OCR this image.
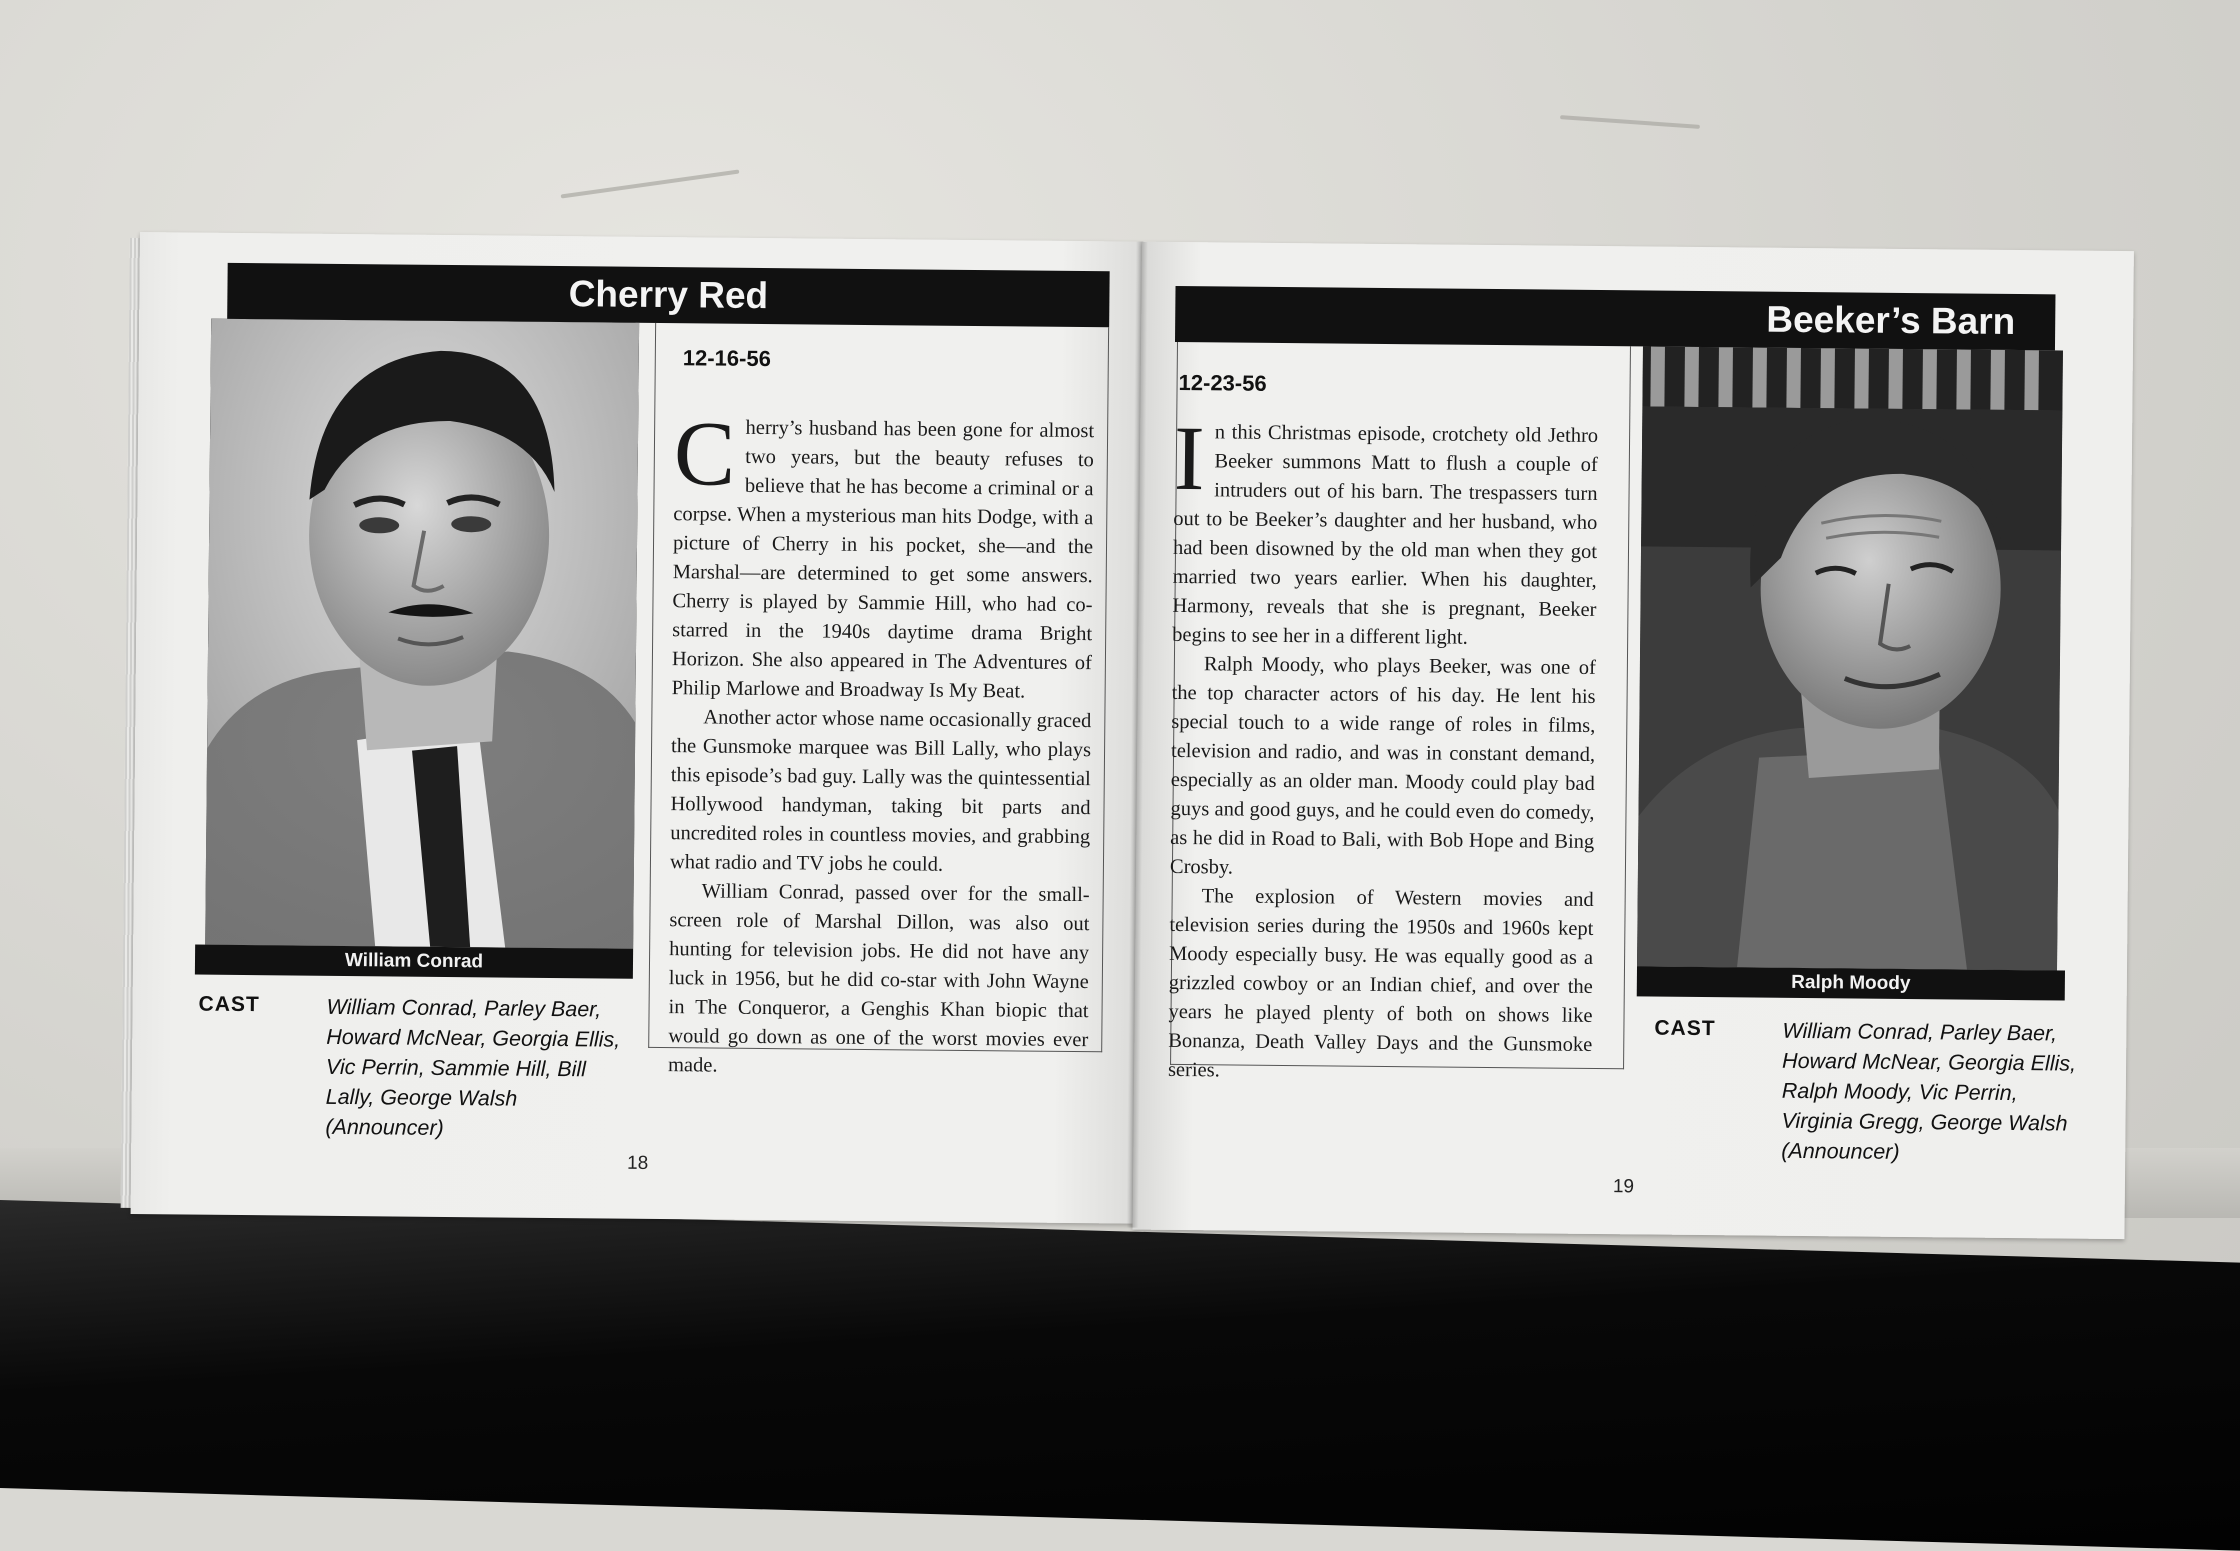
Cherry Red
William Conrad
12-16-56

Cherry’s husband has been gone for almost two years, but the beauty refuses to believe that he has become a criminal or a corpse. When a mysterious man hits Dodge, with a picture of Cherry in his pocket, she—and the Marshal—are determined to get some answers. Cherry is played by Sammie Hill, who had co-starred in the 1940s daytime drama Bright Horizon. She also appeared in The Adventures of Philip Marlowe and Broadway Is My Beat.

Another actor whose name occasionally graced the Gunsmoke marquee was Bill Lally, who plays this episode’s bad guy. Lally was the quintessential Hollywood handyman, taking bit parts and uncredited roles in countless movies, and grabbing what radio and TV jobs he could.

William Conrad, passed over for the small-screen role of Marshal Dillon, was also out hunting for television jobs. He did not have any luck in 1956, but he did co-star with John Wayne in The Conqueror, a Genghis Khan biopic that would go down as one of the worst movies ever made.

CAST	William Conrad, Parley Baer, Howard McNear, Georgia Ellis, Vic Perrin, Sammie Hill, Bill Lally, George Walsh (Announcer)
18
Beeker’s Barn
12-23-56

In this Christmas episode, crotchety old Jethro Beeker summons Matt to flush a couple of intruders out of his barn. The trespassers turn out to be Beeker’s daughter and her husband, who had been disowned by the old man when they got married two years earlier. When his daughter, Harmony, reveals that she is pregnant, Beeker begins to see her in a different light.

Ralph Moody, who plays Beeker, was one of the top character actors of his day. He lent his special touch to a wide range of roles in films, television and radio, and was in constant demand, especially as an older man. Moody could play bad guys and good guys, and he could even do comedy, as he did in Road to Bali, with Bob Hope and Bing Crosby.

The explosion of Western movies and television series during the 1950s and 1960s kept Moody especially busy. He was equally good as a grizzled cowboy or an Indian chief, and over the years he played plenty of both on shows like Bonanza, Death Valley Days and the Gunsmoke series.

Ralph Moody
CAST	William Conrad, Parley Baer, Howard McNear, Georgia Ellis, Ralph Moody, Vic Perrin, Virginia Gregg, George Walsh (Announcer)
19
